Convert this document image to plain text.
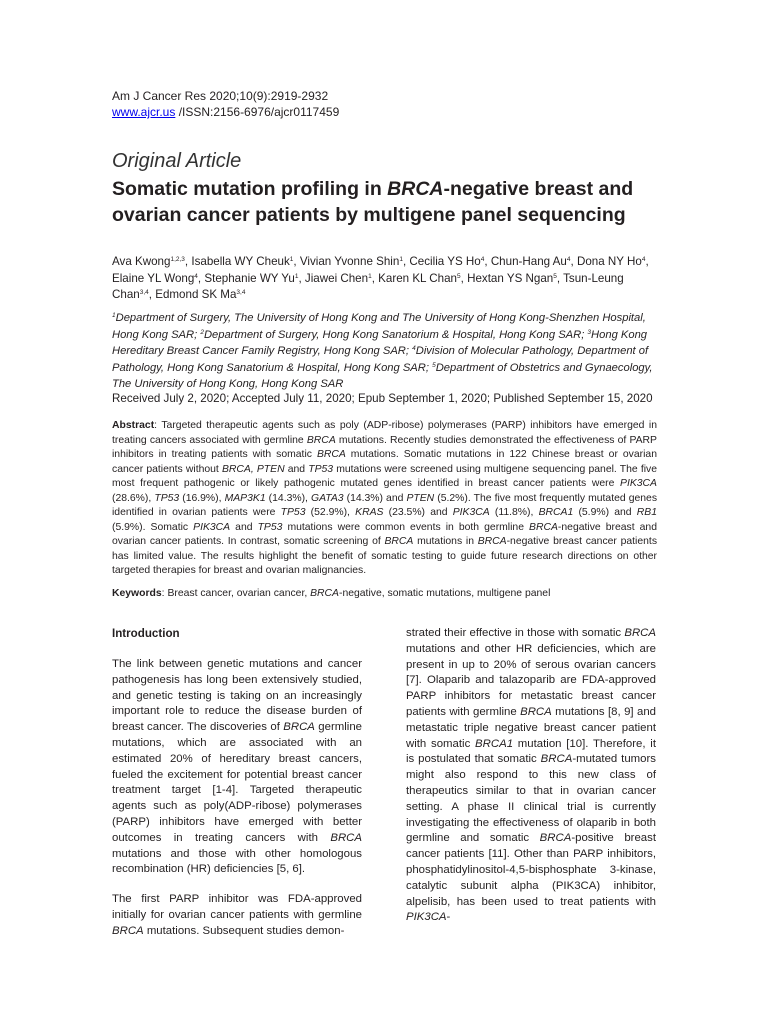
Am J Cancer Res 2020;10(9):2919-2932
www.ajcr.us /ISSN:2156-6976/ajcr0117459
Original Article
Somatic mutation profiling in BRCA-negative breast and ovarian cancer patients by multigene panel sequencing
Ava Kwong$^{1,2,3}$, Isabella WY Cheuk$^1$, Vivian Yvonne Shin$^1$, Cecilia YS Ho$^4$, Chun-Hang Au$^4$, Dona NY Ho$^4$, Elaine YL Wong$^4$, Stephanie WY Yu$^1$, Jiawei Chen$^1$, Karen KL Chan$^5$, Hextan YS Ngan$^5$, Tsun-Leung Chan$^{3,4}$, Edmond SK Ma$^{3,4}$
$^1$Department of Surgery, The University of Hong Kong and The University of Hong Kong-Shenzhen Hospital, Hong Kong SAR; $^2$Department of Surgery, Hong Kong Sanatorium & Hospital, Hong Kong SAR; $^3$Hong Kong Hereditary Breast Cancer Family Registry, Hong Kong SAR; $^4$Division of Molecular Pathology, Department of Pathology, Hong Kong Sanatorium & Hospital, Hong Kong SAR; $^5$Department of Obstetrics and Gynaecology, The University of Hong Kong, Hong Kong SAR
Received July 2, 2020; Accepted July 11, 2020; Epub September 1, 2020; Published September 15, 2020
Abstract: Targeted therapeutic agents such as poly (ADP-ribose) polymerases (PARP) inhibitors have emerged in treating cancers associated with germline BRCA mutations. Recently studies demonstrated the effectiveness of PARP inhibitors in treating patients with somatic BRCA mutations. Somatic mutations in 122 Chinese breast or ovarian cancer patients without BRCA, PTEN and TP53 mutations were screened using multigene sequencing panel. The five most frequent pathogenic or likely pathogenic mutated genes identified in breast cancer patients were PIK3CA (28.6%), TP53 (16.9%), MAP3K1 (14.3%), GATA3 (14.3%) and PTEN (5.2%). The five most frequently mutated genes identified in ovarian patients were TP53 (52.9%), KRAS (23.5%) and PIK3CA (11.8%), BRCA1 (5.9%) and RB1 (5.9%). Somatic PIK3CA and TP53 mutations were common events in both germline BRCA-negative breast and ovarian cancer patients. In contrast, somatic screening of BRCA mutations in BRCA-negative breast cancer patients has limited value. The results highlight the benefit of somatic testing to guide future research directions on other targeted therapies for breast and ovarian malignancies.
Keywords: Breast cancer, ovarian cancer, BRCA-negative, somatic mutations, multigene panel
Introduction

The link between genetic mutations and cancer pathogenesis has long been extensively studied, and genetic testing is taking on an increasingly important role to reduce the disease burden of breast cancer. The discoveries of BRCA germline mutations, which are associated with an estimated 20% of hereditary breast cancers, fueled the excitement for potential breast cancer treatment target [1-4]. Targeted therapeutic agents such as poly(ADP-ribose) polymerases (PARP) inhibitors have emerged with better outcomes in treating cancers with BRCA mutations and those with other homologous recombination (HR) deficiencies [5, 6].

The first PARP inhibitor was FDA-approved initially for ovarian cancer patients with germline BRCA mutations. Subsequent studies demon-

strated their effective in those with somatic BRCA mutations and other HR deficiencies, which are present in up to 20% of serous ovarian cancers [7]. Olaparib and talazoparib are FDA-approved PARP inhibitors for metastatic breast cancer patients with germline BRCA mutations [8, 9] and metastatic triple negative breast cancer patient with somatic BRCA1 mutation [10]. Therefore, it is postulated that somatic BRCA-mutated tumors might also respond to this new class of therapeutics similar to that in ovarian cancer setting. A phase II clinical trial is currently investigating the effectiveness of olaparib in both germline and somatic BRCA-positive breast cancer patients [11]. Other than PARP inhibitors, phosphatidylinositol-4,5-bisphosphate 3-kinase, catalytic subunit alpha (PIK3CA) inhibitor, alpelisib, has been used to treat patients with PIK3CA-
